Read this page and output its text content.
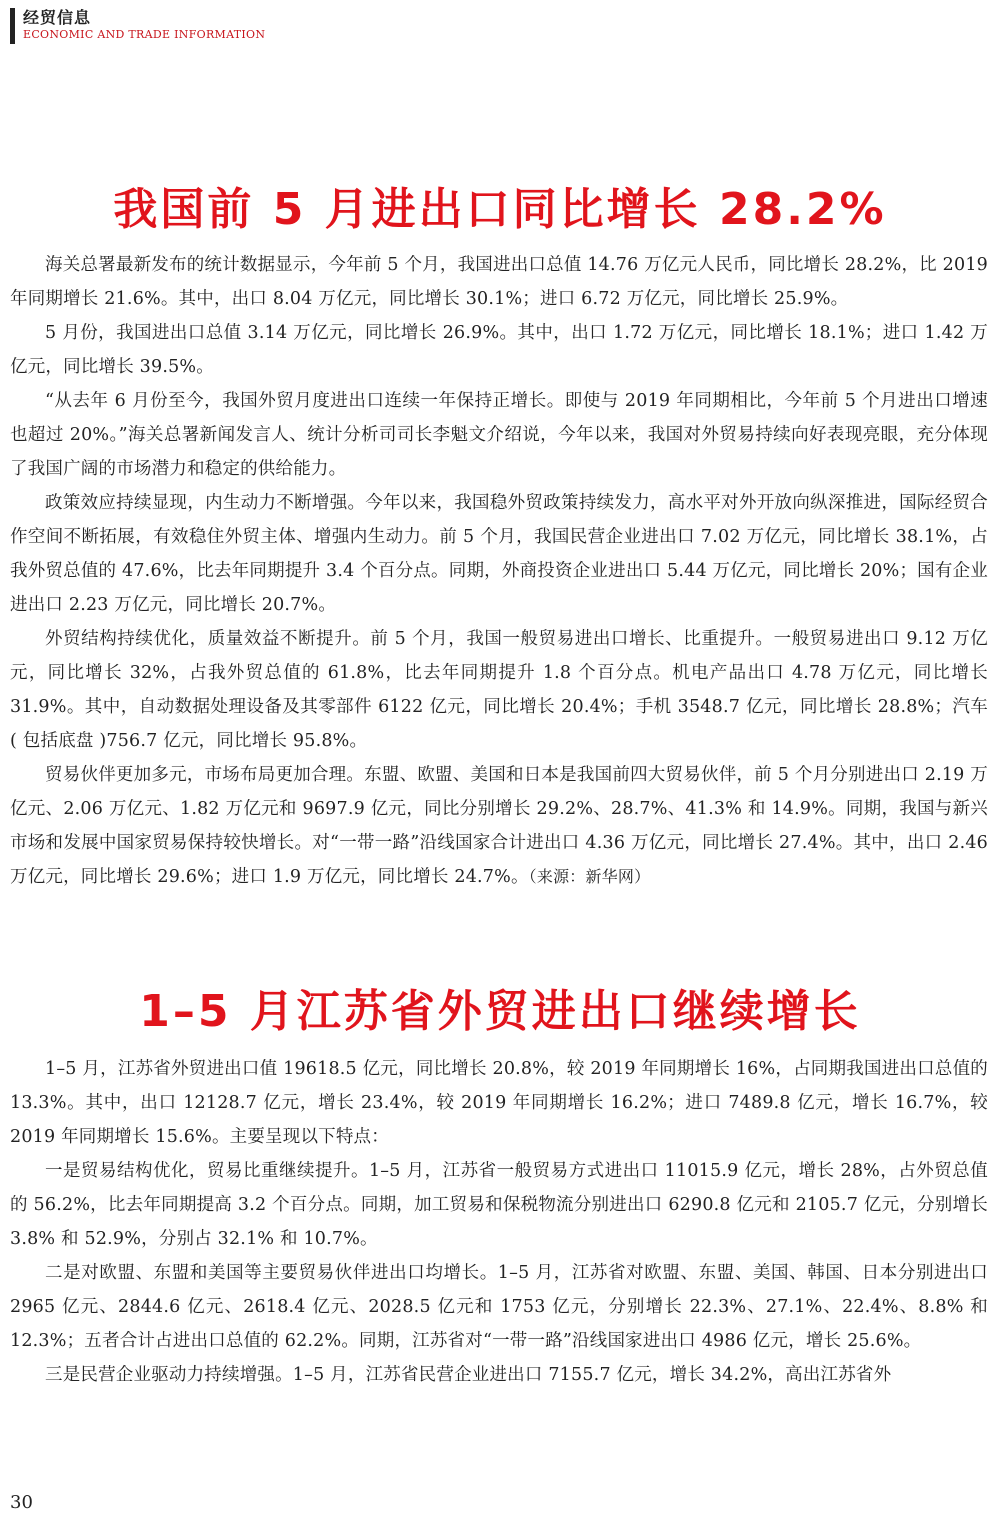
经贸信息
ECONOMIC AND TRADE INFORMATION
我国前 5 月进出口同比增长 28.2%

海关总署最新发布的统计数据显示，今年前 5 个月，我国进出口总值 14.76 万亿元人民币，同比增长 28.2%，比 2019 年同期增长 21.6%。其中，出口 8.04 万亿元，同比增长 30.1%；进口 6.72 万亿元，同比增长 25.9%。

5 月份，我国进出口总值 3.14 万亿元，同比增长 26.9%。其中，出口 1.72 万亿元，同比增长 18.1%；进口 1.42 万亿元，同比增长 39.5%。

“从去年 6 月份至今，我国外贸月度进出口连续一年保持正增长。即使与 2019 年同期相比，今年前 5 个月进出口增速也超过 20%。”海关总署新闻发言人、统计分析司司长李魁文介绍说，今年以来，我国对外贸易持续向好表现亮眼，充分体现了我国广阔的市场潜力和稳定的供给能力。

政策效应持续显现，内生动力不断增强。今年以来，我国稳外贸政策持续发力，高水平对外开放向纵深推进，国际经贸合作空间不断拓展，有效稳住外贸主体、增强内生动力。前 5 个月，我国民营企业进出口 7.02 万亿元，同比增长 38.1%，占我外贸总值的 47.6%，比去年同期提升 3.4 个百分点。同期，外商投资企业进出口 5.44 万亿元，同比增长 20%；国有企业进出口 2.23 万亿元，同比增长 20.7%。

外贸结构持续优化，质量效益不断提升。前 5 个月，我国一般贸易进出口增长、比重提升。一般贸易进出口 9.12 万亿元，同比增长 32%，占我外贸总值的 61.8%，比去年同期提升 1.8 个百分点。机电产品出口 4.78 万亿元，同比增长 31.9%。其中，自动数据处理设备及其零部件 6122 亿元，同比增长 20.4%；手机 3548.7 亿元，同比增长 28.8%；汽车 ( 包括底盘 )756.7 亿元，同比增长 95.8%。

贸易伙伴更加多元，市场布局更加合理。东盟、欧盟、美国和日本是我国前四大贸易伙伴，前 5 个月分别进出口 2.19 万亿元、2.06 万亿元、1.82 万亿元和 9697.9 亿元，同比分别增长 29.2%、28.7%、41.3% 和 14.9%。同期，我国与新兴市场和发展中国家贸易保持较快增长。对“一带一路”沿线国家合计进出口 4.36 万亿元，同比增长 27.4%。其中，出口 2.46 万亿元，同比增长 29.6%；进口 1.9 万亿元，同比增长 24.7%。（来源：新华网）

1–5 月江苏省外贸进出口继续增长

1–5 月，江苏省外贸进出口值 19618.5 亿元，同比增长 20.8%，较 2019 年同期增长 16%，占同期我国进出口总值的 13.3%。其中，出口 12128.7 亿元，增长 23.4%，较 2019 年同期增长 16.2%；进口 7489.8 亿元，增长 16.7%，较 2019 年同期增长 15.6%。主要呈现以下特点：

一是贸易结构优化，贸易比重继续提升。1–5 月，江苏省一般贸易方式进出口 11015.9 亿元，增长 28%，占外贸总值的 56.2%，比去年同期提高 3.2 个百分点。同期，加工贸易和保税物流分别进出口 6290.8 亿元和 2105.7 亿元，分别增长 3.8% 和 52.9%，分别占 32.1% 和 10.7%。

二是对欧盟、东盟和美国等主要贸易伙伴进出口均增长。1–5 月，江苏省对欧盟、东盟、美国、韩国、日本分别进出口 2965 亿元、2844.6 亿元、2618.4 亿元、2028.5 亿元和 1753 亿元，分别增长 22.3%、27.1%、22.4%、8.8% 和 12.3%；五者合计占进出口总值的 62.2%。同期，江苏省对“一带一路”沿线国家进出口 4986 亿元，增长 25.6%。

三是民营企业驱动力持续增强。1–5 月，江苏省民营企业进出口 7155.7 亿元，增长 34.2%，高出江苏省外

30
